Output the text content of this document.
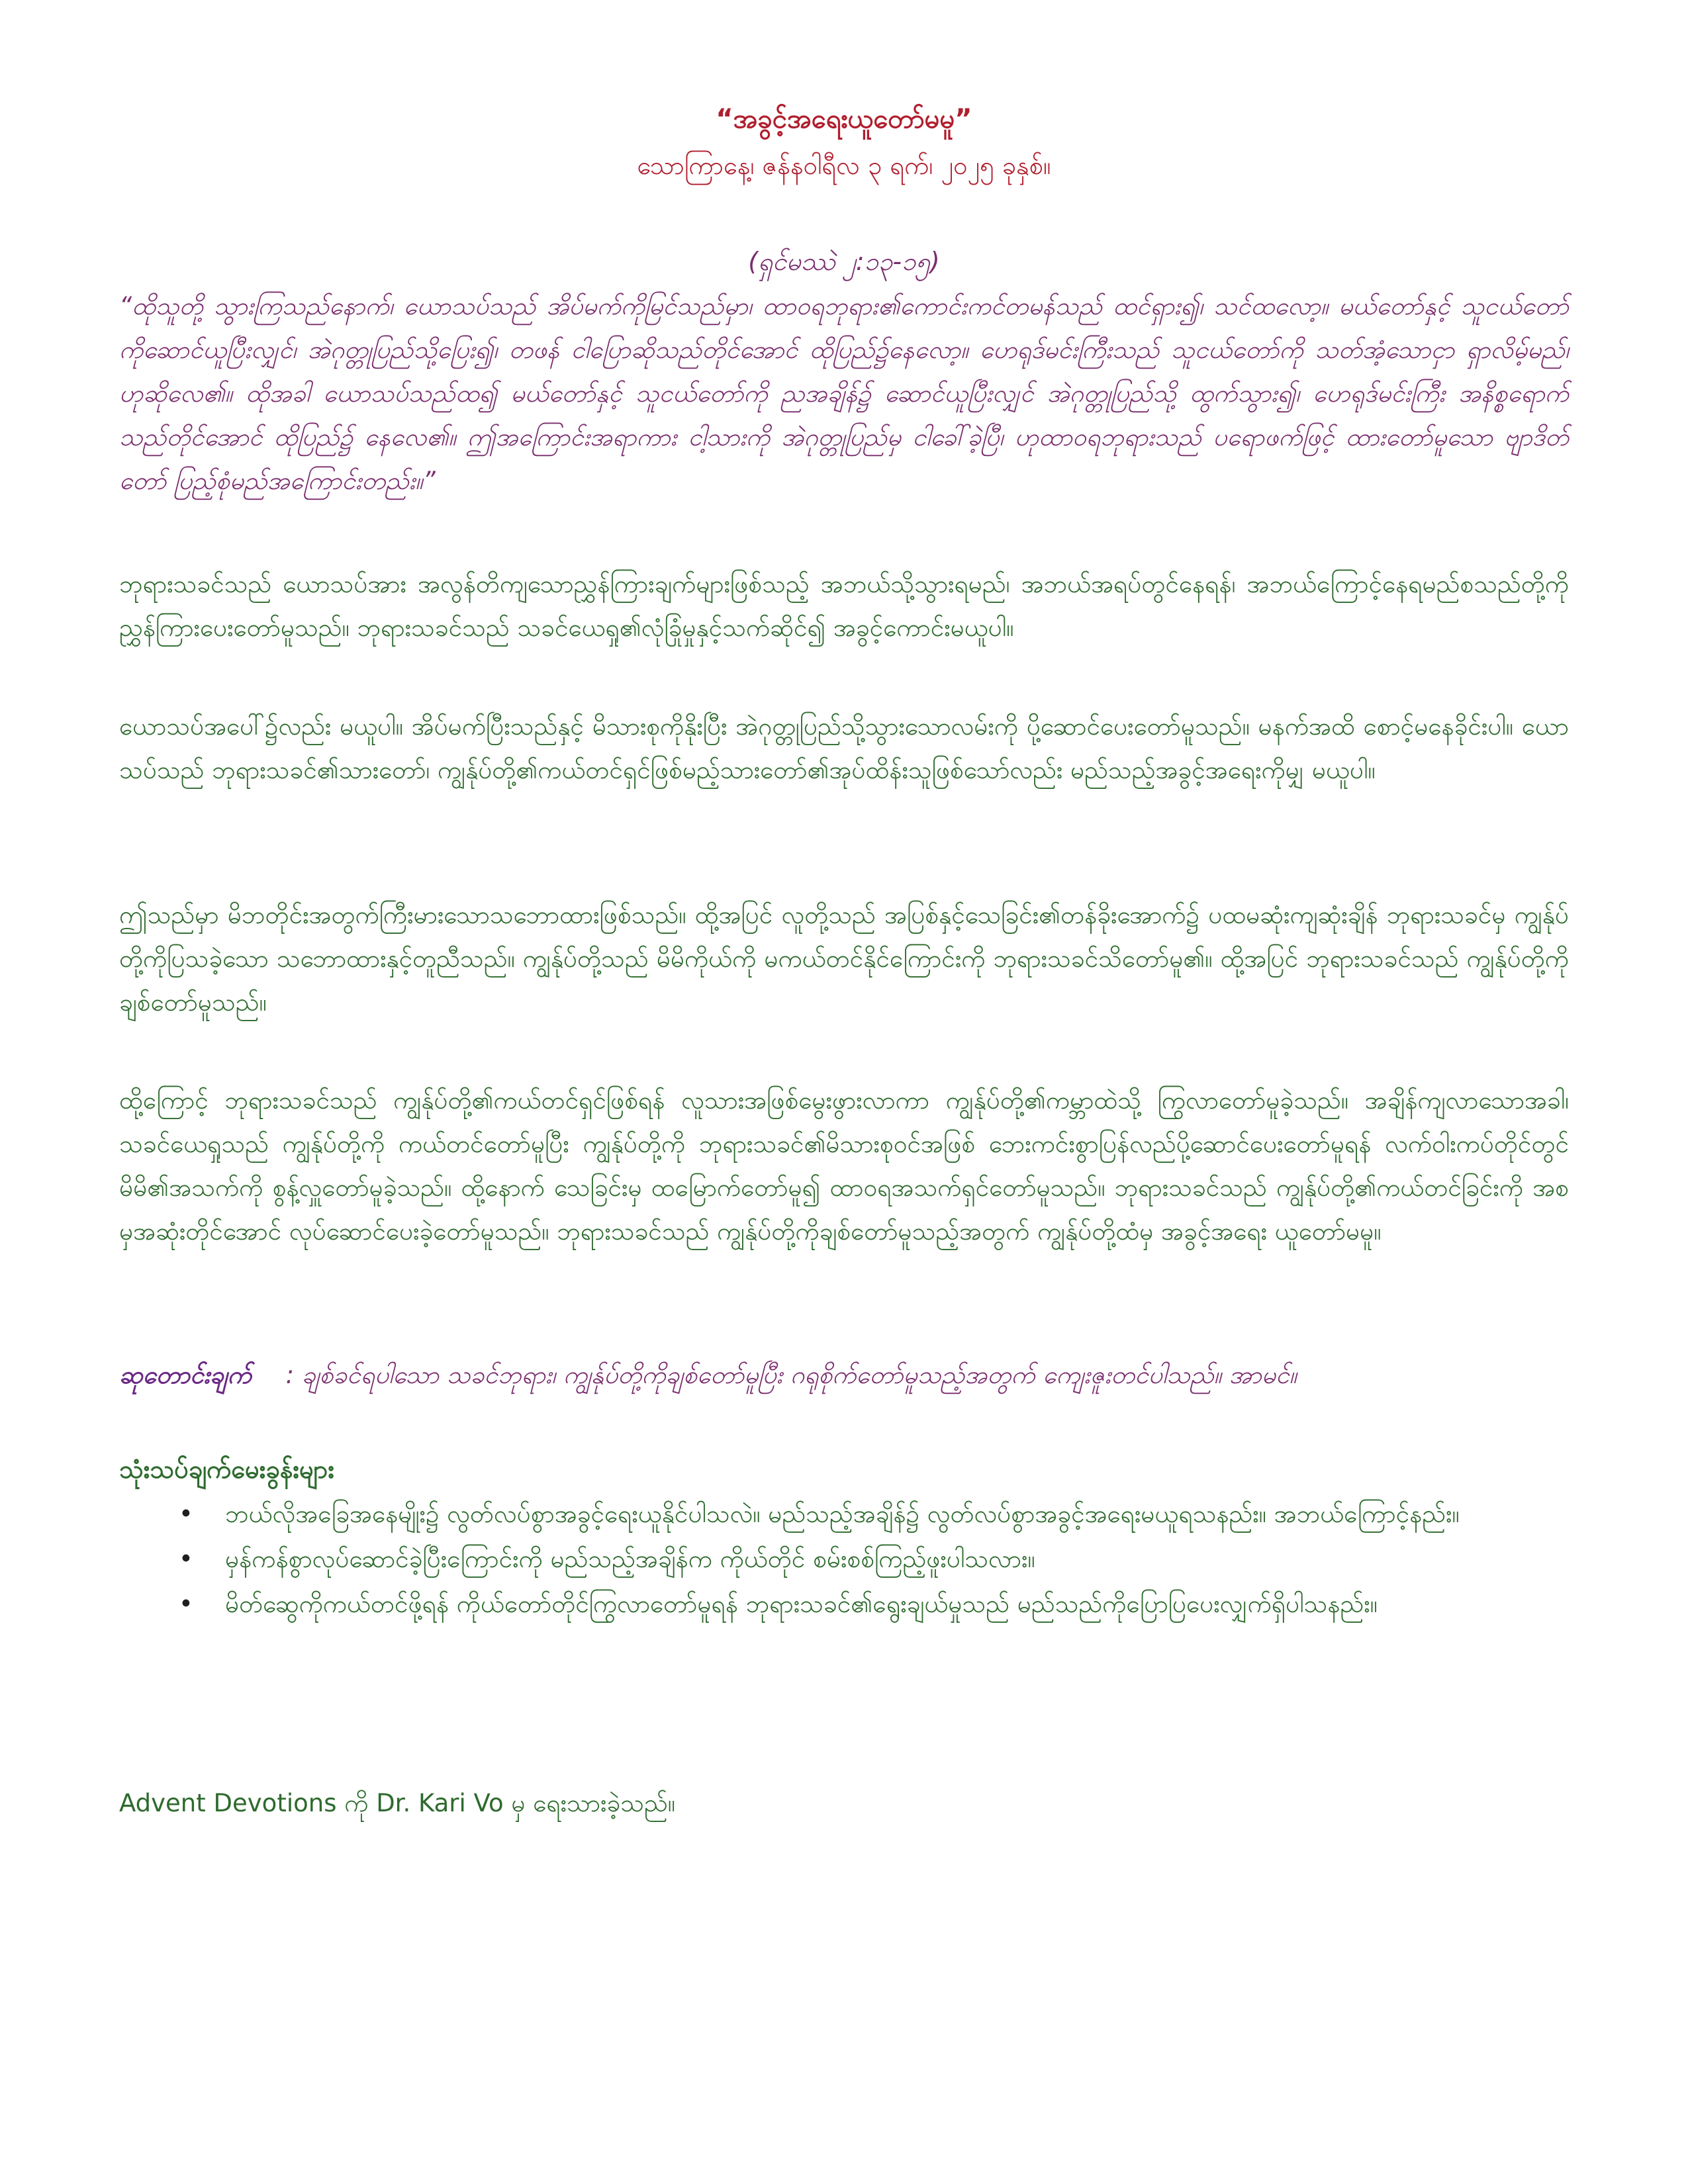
“အခွင့်အရေးယူတော်မမူ”
သောကြာနေ့၊ ဇန်နဝါရီလ ၃ ရက်၊ ၂၀၂၅ ခုနှစ်။
(ရှင်မဿဲ ၂:၁၃-၁၅)
“ထိုသူတို့ သွားကြသည်နောက်၊ ယောသပ်သည် အိပ်မက်ကိုမြင်သည်မှာ၊ ထာဝရဘုရား၏ကောင်းကင်တမန်သည် ထင်ရှား၍၊ သင်ထလော့။ မယ်တော်နှင့် သူငယ်တော်ကိုဆောင်ယူပြီးလျှင်၊ အဲဂုတ္တုပြည်သို့ပြေး၍၊ တဖန် ငါပြောဆိုသည်တိုင်အောင် ထိုပြည်၌နေလော့။ ဟေရုဒ်မင်းကြီးသည် သူငယ်တော်ကို သတ်အံ့သောငှာ ရှာလိမ့်မည်၊ ဟုဆိုလေ၏။ ထိုအခါ ယောသပ်သည်ထ၍ မယ်တော်နှင့် သူငယ်တော်ကို ညအချိန်၌ ဆောင်ယူပြီးလျှင် အဲဂုတ္တုပြည်သို့ ထွက်သွား၍၊ ဟေရုဒ်မင်းကြီး အနိစ္စရောက်သည်တိုင်အောင် ထိုပြည်၌ နေလေ၏။ ဤအကြောင်းအရာကား ငါ့သားကို အဲဂုတ္တုပြည်မှ ငါခေါ်ခဲ့ပြီ၊ ဟုထာဝရဘုရားသည် ပရောဖက်ဖြင့် ထားတော်မူသော ဗျာဒိတ်တော် ပြည့်စုံမည်အကြောင်းတည်း။”
ဘုရားသခင်သည် ယောသပ်အား အလွန်တိကျသောညွှန်ကြားချက်များဖြစ်သည့် အဘယ်သို့သွားရမည်၊ အဘယ်အရပ်တွင်နေရန်၊ အဘယ်ကြောင့်နေရမည်စသည်တို့ကို ညွှန်ကြားပေးတော်မူသည်။ ဘုရားသခင်သည် သခင်ယေရှု၏လုံခြုံမှုနှင့်သက်ဆိုင်၍ အခွင့်ကောင်းမယူပါ။
ယောသပ်အပေါ်၌လည်း မယူပါ။ အိပ်မက်ပြီးသည်နှင့် မိသားစုကိုနိုးပြီး အဲဂုတ္တုပြည်သို့သွားသောလမ်းကို ပို့ဆောင်ပေးတော်မူသည်။ မနက်အထိ စောင့်မနေခိုင်းပါ။ ယောသပ်သည် ဘုရားသခင်၏သားတော်၊ ကျွန်ုပ်တို့၏ကယ်တင်ရှင်ဖြစ်မည့်သားတော်၏အုပ်ထိန်းသူဖြစ်သော်လည်း မည်သည့်အခွင့်အရေးကိုမျှ မယူပါ။
ဤသည်မှာ မိဘတိုင်းအတွက်ကြီးမားသောသဘောထားဖြစ်သည်။ ထို့အပြင် လူတို့သည် အပြစ်နှင့်သေခြင်း၏တန်ခိုးအောက်၌ ပထမဆုံးကျဆုံးချိန် ဘုရားသခင်မှ ကျွန်ုပ်တို့ကိုပြသခဲ့သော သဘောထားနှင့်တူညီသည်။ ကျွန်ုပ်တို့သည် မိမိကိုယ်ကို မကယ်တင်နိုင်ကြောင်းကို ဘုရားသခင်သိတော်မူ၏။ ထို့အပြင် ဘုရားသခင်သည် ကျွန်ုပ်တို့ကို ချစ်တော်မူသည်။
ထို့ကြောင့် ဘုရားသခင်သည် ကျွန်ုပ်တို့၏ကယ်တင်ရှင်ဖြစ်ရန် လူသားအဖြစ်မွေးဖွားလာကာ ကျွန်ုပ်တို့၏ကမ္ဘာထဲသို့ ကြွလာတော်မူခဲ့သည်။ အချိန်ကျလာသောအခါ၊ သခင်ယေရှုသည် ကျွန်ုပ်တို့ကို ကယ်တင်တော်မူပြီး ကျွန်ုပ်တို့ကို ဘုရားသခင်၏မိသားစုဝင်အဖြစ် ဘေးကင်းစွာပြန်လည်ပို့ဆောင်ပေးတော်မူရန် လက်ဝါးကပ်တိုင်တွင် မိမိ၏အသက်ကို စွန့်လှူတော်မူခဲ့သည်။ ထို့နောက် သေခြင်းမှ ထမြောက်တော်မူ၍ ထာဝရအသက်ရှင်တော်မူသည်။ ဘုရားသခင်သည် ကျွန်ုပ်တို့၏ကယ်တင်ခြင်းကို အစမှအဆုံးတိုင်အောင် လုပ်ဆောင်ပေးခဲ့တော်မူသည်။ ဘုရားသခင်သည် ကျွန်ုပ်တို့ကိုချစ်တော်မူသည့်အတွက် ကျွန်ုပ်တို့ထံမှ အခွင့်အရေး ယူတော်မမူ။
ဆုတောင်းချက် : ချစ်ခင်ရပါသော သခင်ဘုရား၊ ကျွန်ုပ်တို့ကိုချစ်တော်မူပြီး ဂရုစိုက်တော်မူသည့်အတွက် ကျေးဇူးတင်ပါသည်။ အာမင်။
သုံးသပ်ချက်မေးခွန်းများ
• ဘယ်လိုအခြေအနေမျိုး၌ လွတ်လပ်စွာအခွင့်ရေးယူနိုင်ပါသလဲ။ မည်သည့်အချိန်၌ လွတ်လပ်စွာအခွင့်အရေးမယူရသနည်း။ အဘယ်ကြောင့်နည်း။
• မှန်ကန်စွာလုပ်ဆောင်ခဲ့ပြီးကြောင်းကို မည်သည့်အချိန်က ကိုယ်တိုင် စမ်းစစ်ကြည့်ဖူးပါသလား။
• မိတ်ဆွေကိုကယ်တင်ဖို့ရန် ကိုယ်တော်တိုင်ကြွလာတော်မူရန် ဘုရားသခင်၏ရွေးချယ်မှုသည် မည်သည်ကိုပြောပြပေးလျှက်ရှိပါသနည်း။
Advent Devotions ကို Dr. Kari Vo မှ ရေးသားခဲ့သည်။
